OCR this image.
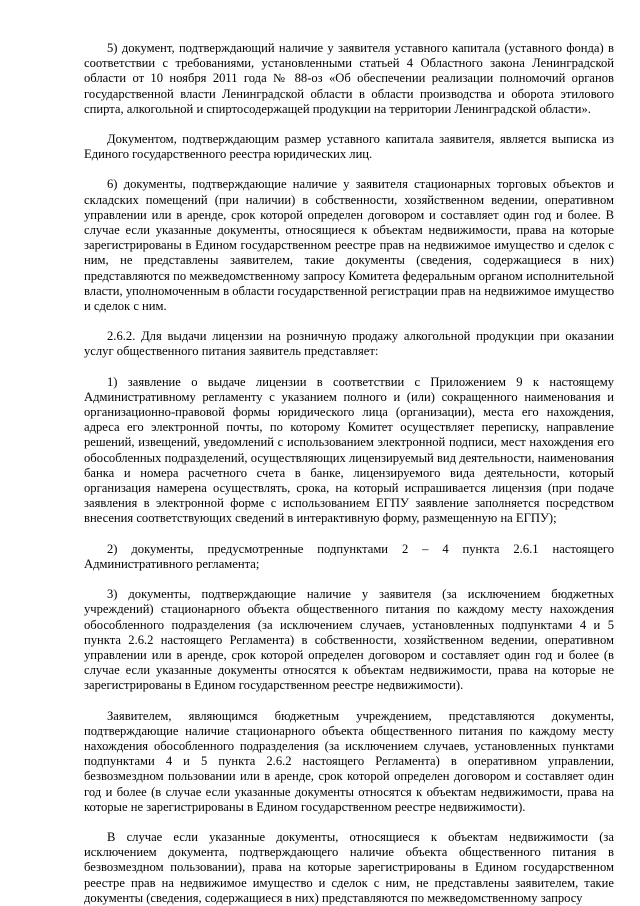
5) документ, подтверждающий наличие у заявителя уставного капитала (уставного фонда) в соответствии с требованиями, установленными статьей 4 Областного закона Ленинградской области от 10 ноября 2011 года № 88-оз «Об обеспечении реализации полномочий органов государственной власти Ленинградской области в области производства и оборота этилового спирта, алкогольной и спиртосодержащей продукции на территории Ленинградской области».

Документом, подтверждающим размер уставного капитала заявителя, является выписка из Единого государственного реестра юридических лиц.

6) документы, подтверждающие наличие у заявителя стационарных торговых объектов и складских помещений (при наличии) в собственности, хозяйственном ведении, оперативном управлении или в аренде, срок которой определен договором и составляет один год и более. В случае если указанные документы, относящиеся к объектам недвижимости, права на которые зарегистрированы в Едином государственном реестре прав на недвижимое имущество и сделок с ним, не представлены заявителем, такие документы (сведения, содержащиеся в них) представляются по межведомственному запросу Комитета федеральным органом исполнительной власти, уполномоченным в области государственной регистрации прав на недвижимое имущество и сделок с ним.

2.6.2. Для выдачи лицензии на розничную продажу алкогольной продукции при оказании услуг общественного питания заявитель представляет:

1) заявление о выдаче лицензии в соответствии с Приложением 9 к настоящему Административному регламенту с указанием полного и (или) сокращенного наименования и организационно-правовой формы юридического лица (организации), места его нахождения, адреса его электронной почты, по которому Комитет осуществляет переписку, направление решений, извещений, уведомлений с использованием электронной подписи, мест нахождения его обособленных подразделений, осуществляющих лицензируемый вид деятельности, наименования банка и номера расчетного счета в банке, лицензируемого вида деятельности, который организация намерена осуществлять, срока, на который испрашивается лицензия (при подаче заявления в электронной форме с использованием ЕГПУ заявление заполняется посредством внесения соответствующих сведений в интерактивную форму, размещенную на ЕГПУ);

2) документы, предусмотренные подпунктами 2 – 4 пункта 2.6.1 настоящего Административного регламента;

3) документы, подтверждающие наличие у заявителя (за исключением бюджетных учреждений) стационарного объекта общественного питания по каждому месту нахождения обособленного подразделения (за исключением случаев, установленных подпунктами 4 и 5 пункта 2.6.2 настоящего Регламента) в собственности, хозяйственном ведении, оперативном управлении или в аренде, срок которой определен договором и составляет один год и более (в случае если указанные документы относятся к объектам недвижимости, права на которые не зарегистрированы в Едином государственном реестре недвижимости).

Заявителем, являющимся бюджетным учреждением, представляются документы, подтверждающие наличие стационарного объекта общественного питания по каждому месту нахождения обособленного подразделения (за исключением случаев, установленных пунктами подпунктами 4 и 5 пункта 2.6.2 настоящего Регламента) в оперативном управлении, безвозмездном пользовании или в аренде, срок которой определен договором и составляет один год и более (в случае если указанные документы относятся к объектам недвижимости, права на которые не зарегистрированы в Едином государственном реестре недвижимости).

В случае если указанные документы, относящиеся к объектам недвижимости (за исключением документа, подтверждающего наличие объекта общественного питания в безвозмездном пользовании), права на которые зарегистрированы в Едином государственном реестре прав на недвижимое имущество и сделок с ним, не представлены заявителем, такие документы (сведения, содержащиеся в них) представляются по межведомственному запросу
